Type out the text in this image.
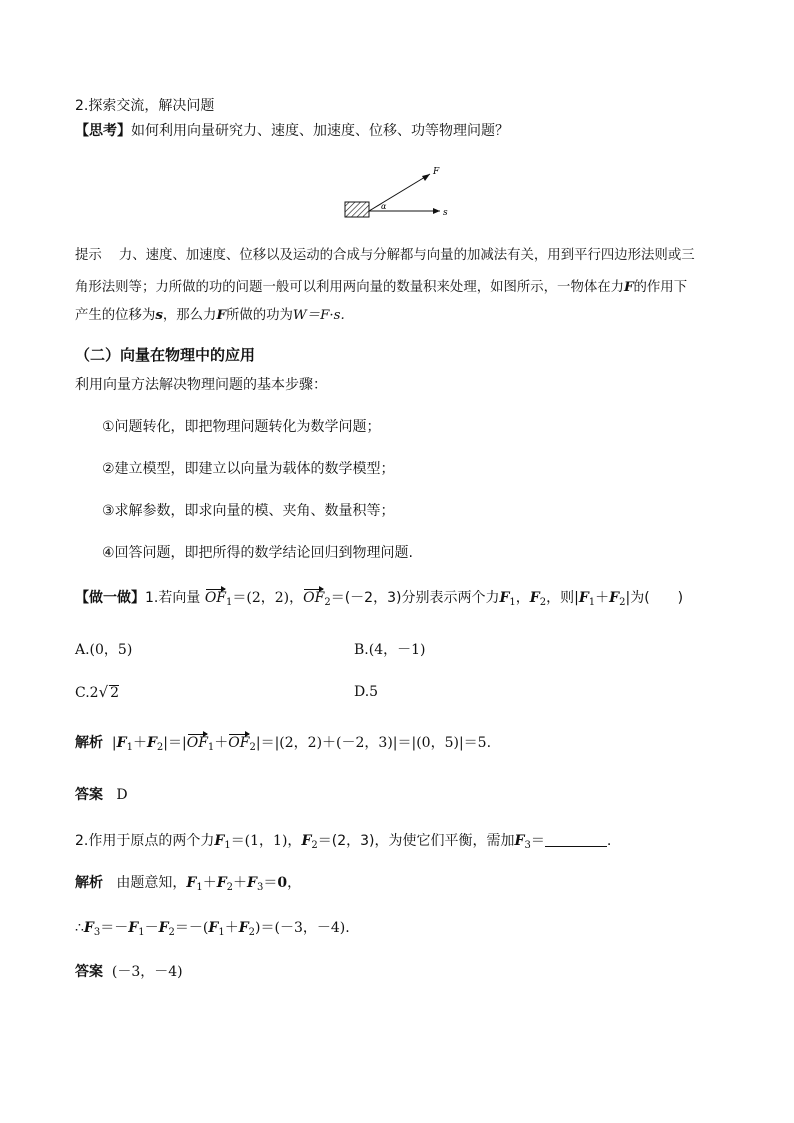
2.探索交流，解决问题
【思考】如何利用向量研究力、速度、加速度、位移、功等物理问题？
F
s
α
提示 力、速度、加速度、位移以及运动的合成与分解都与向量的加减法有关，用到平行四边形法则或三
角形法则等；力所做的功的问题一般可以利用两向量的数量积来处理，如图所示，一物体在力F的作用下
产生的位移为s，那么力F所做的功为W＝F·s.
（二）向量在物理中的应用
利用向量方法解决物理问题的基本步骤：
①问题转化，即把物理问题转化为数学问题；
②建立模型，即建立以向量为载体的数学模型；
③求解参数，即求向量的模、夹角、数量积等；
④回答问题，即把所得的数学结论回归到物理问题.
【做一做】1.若向量 $OF_1=(2$，2)，$OF_2=(-2$，3)分别表示两个力$F_1$，$F_2$，则$|F_1+F_2|$为(　　)
A.(0，5)	B.(4，－1)
C.2√ 2	D.5
解析 $|F_1+F_2|=|OF_1+OF_2|=|(2$，2)＋(－2，3)|＝|(0，5)|＝5.
答案 D
2.作用于原点的两个力$F_1=(1$，1)，$F_2=(2$，3)，为使它们平衡，需加$F_3=$	.
解析 由题意知，$F_1+F_2+F_3=0$，
$\therefore F_3=-F_1-F_2=-(F_1+F_2)=(-3$，－4).
答案 (－3，－4)
